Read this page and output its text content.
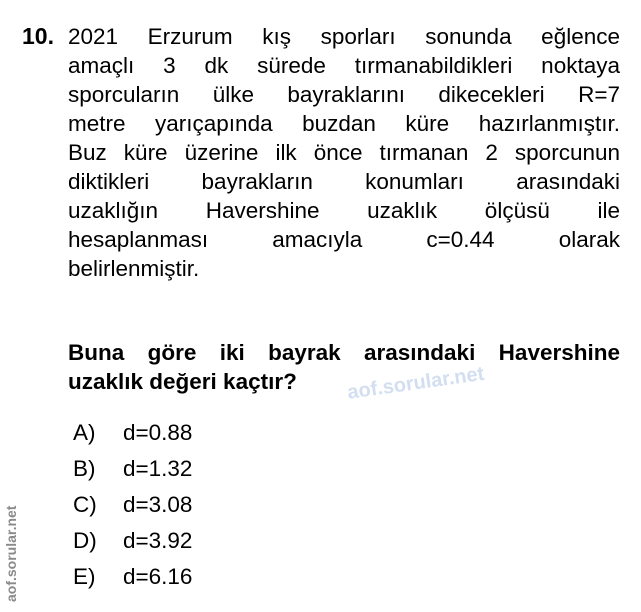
10. 2021 Erzurum kış sporları sonunda eğlence
amaçlı 3 dk sürede tırmanabildikleri noktaya
sporcuların ülke bayraklarını dikecekleri R=7
metre yarıçapında buzdan küre hazırlanmıştır.
Buz küre üzerine ilk önce tırmanan 2 sporcunun
diktikleri bayrakların konumları arasındaki
uzaklığın Havershine uzaklık ölçüsü ile
hesaplanması amacıyla c=0.44 olarak
belirlenmiştir.
Buna göre iki bayrak arasındaki Havershine
uzaklık değeri kaçtır?	aof.sorular.net
A)	d=0.88
B)	d=1.32
C)	d=3.08
D)	d=3.92
E)	d=6.16
aof.sorular.net
